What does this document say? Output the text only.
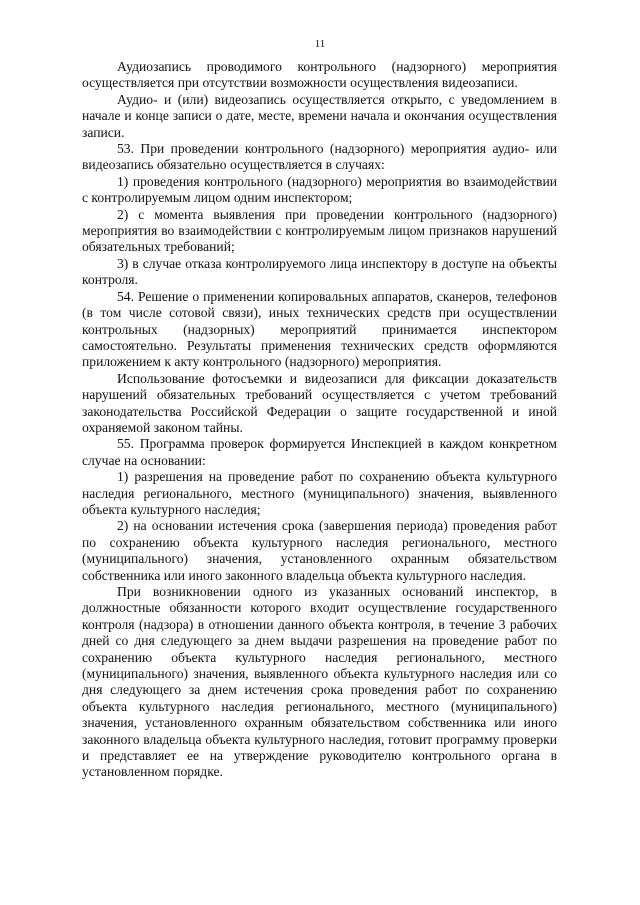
11

Аудиозапись проводимого контрольного (надзорного) мероприятия осуществляется при отсутствии возможности осуществления видеозаписи.

Аудио- и (или) видеозапись осуществляется открыто, с уведомлением в начале и конце записи о дате, месте, времени начала и окончания осуществления записи.

53. При проведении контрольного (надзорного) мероприятия аудио- или видеозапись обязательно осуществляется в случаях:

1) проведения контрольного (надзорного) мероприятия во взаимодействии с контролируемым лицом одним инспектором;

2) с момента выявления при проведении контрольного (надзорного) мероприятия во взаимодействии с контролируемым лицом признаков нарушений обязательных требований;

3) в случае отказа контролируемого лица инспектору в доступе на объекты контроля.

54. Решение о применении копировальных аппаратов, сканеров, телефонов (в том числе сотовой связи), иных технических средств при осуществлении контрольных (надзорных) мероприятий принимается инспектором самостоятельно. Результаты применения технических средств оформляются приложением к акту контрольного (надзорного) мероприятия.

Использование фотосъемки и видеозаписи для фиксации доказательств нарушений обязательных требований осуществляется с учетом требований законодательства Российской Федерации о защите государственной и иной охраняемой законом тайны.

55. Программа проверок формируется Инспекцией в каждом конкретном случае на основании:

1) разрешения на проведение работ по сохранению объекта культурного наследия регионального, местного (муниципального) значения, выявленного объекта культурного наследия;

2) на основании истечения срока (завершения периода) проведения работ по сохранению объекта культурного наследия регионального, местного (муниципального) значения, установленного охранным обязательством собственника или иного законного владельца объекта культурного наследия.

При возникновении одного из указанных оснований инспектор, в должностные обязанности которого входит осуществление государственного контроля (надзора) в отношении данного объекта контроля, в течение 3 рабочих дней со дня следующего за днем выдачи разрешения на проведение работ по сохранению объекта культурного наследия регионального, местного (муниципального) значения, выявленного объекта культурного наследия или со дня следующего за днем истечения срока проведения работ по сохранению объекта культурного наследия регионального, местного (муниципального) значения, установленного охранным обязательством собственника или иного законного владельца объекта культурного наследия, готовит программу проверки и представляет ее на утверждение руководителю контрольного органа в установленном порядке.
